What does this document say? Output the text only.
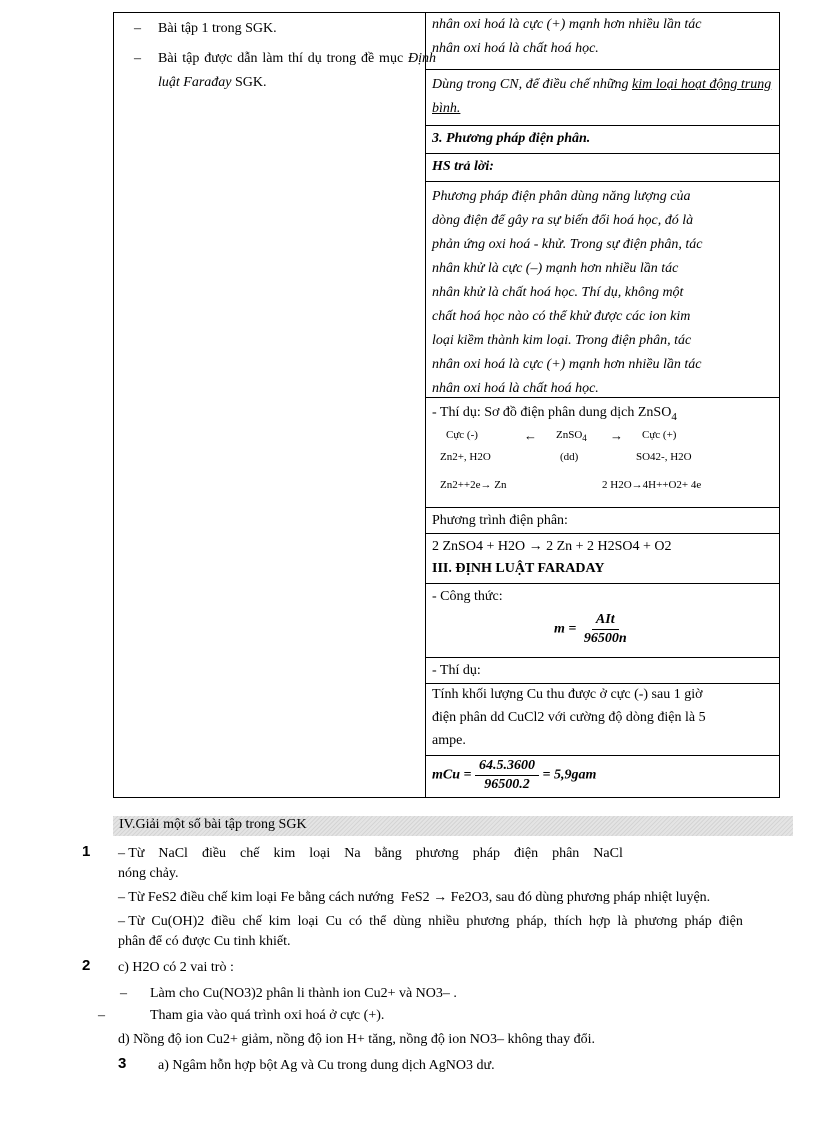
– Bài tập 1 trong SGK.
– Bài tập được dẫn làm thí dụ trong đề mục Định luật Farađay SGK.
nhân oxi hoá là cực (+) mạnh hơn nhiều lần tác
nhân oxi hoá là chất hoá học.
Dùng trong CN, để điều chế những kim loại hoạt động trung bình.
3. Phương pháp điện phân.
HS trả lời:
Phương pháp điện phân dùng năng lượng của
dòng điện để gây ra sự biến đổi hoá học, đó là
phản ứng oxi hoá - khử. Trong sự điện phân, tác
nhân khử là cực (–) mạnh hơn nhiều lần tác
nhân khử là chất hoá học. Thí dụ, không một
chất hoá học nào có thể khử được các ion kim
loại kiềm thành kim loại. Trong điện phân, tác
nhân oxi hoá là cực (+) mạnh hơn nhiều lần tác
nhân oxi hoá là chất hoá học.
- Thí dụ: Sơ đồ điện phân dung dịch ZnSO$_4$
Cực (-)	← ZnSO$_4$ → Cực (+)
Zn2+, H2O	(dd)	SO42-, H2O
Zn2++2e→ Zn	2 H2O→4H++O2+ 4e
Phương trình điện phân:
2 ZnSO4 + H2O → 2 Zn + 2 H2SO4 + O2
III. ĐỊNH LUẬT FARADAY
- Công thức:
$m = \frac{\text{AIt}}{96500n}$
- Thí dụ:
Tính khối lượng Cu thu được ở cực (-) sau 1 giờ
điện phân dd CuCl2 với cường độ dòng điện là 5
ampe.
mCu = $\frac{64.5.3600}{96500.2} = 5,9gam$
IV.Giải một số bài tập trong SGK
1 – Từ    NaCl    điều    chế    kim    loại    Na    bằng    phương    pháp    điện    phân    NaCl
nóng chảy.
– Từ FeS2 điều chế kim loại Fe bằng cách nướng  FeS2 → Fe2O3, sau đó dùng phương pháp nhiệt luyện.
– Từ  Cu(OH)2  điều  chế  kim  loại  Cu  có  thể  dùng  nhiều  phương  pháp,  thích  hợp  là  phương  pháp  điện
phân để có được Cu tinh khiết.
2 c) H2O có 2 vai trò :
– Làm cho Cu(NO3)2 phân li thành ion Cu2+ và NO3– .
–	Tham gia vào quá trình oxi hoá ở cực (+).
d) Nồng độ ion Cu2+ giảm, nồng độ ion H+ tăng, nồng độ ion NO3– không thay đổi.
3 a) Ngâm hỗn hợp bột Ag và Cu trong dung dịch AgNO3 dư.
